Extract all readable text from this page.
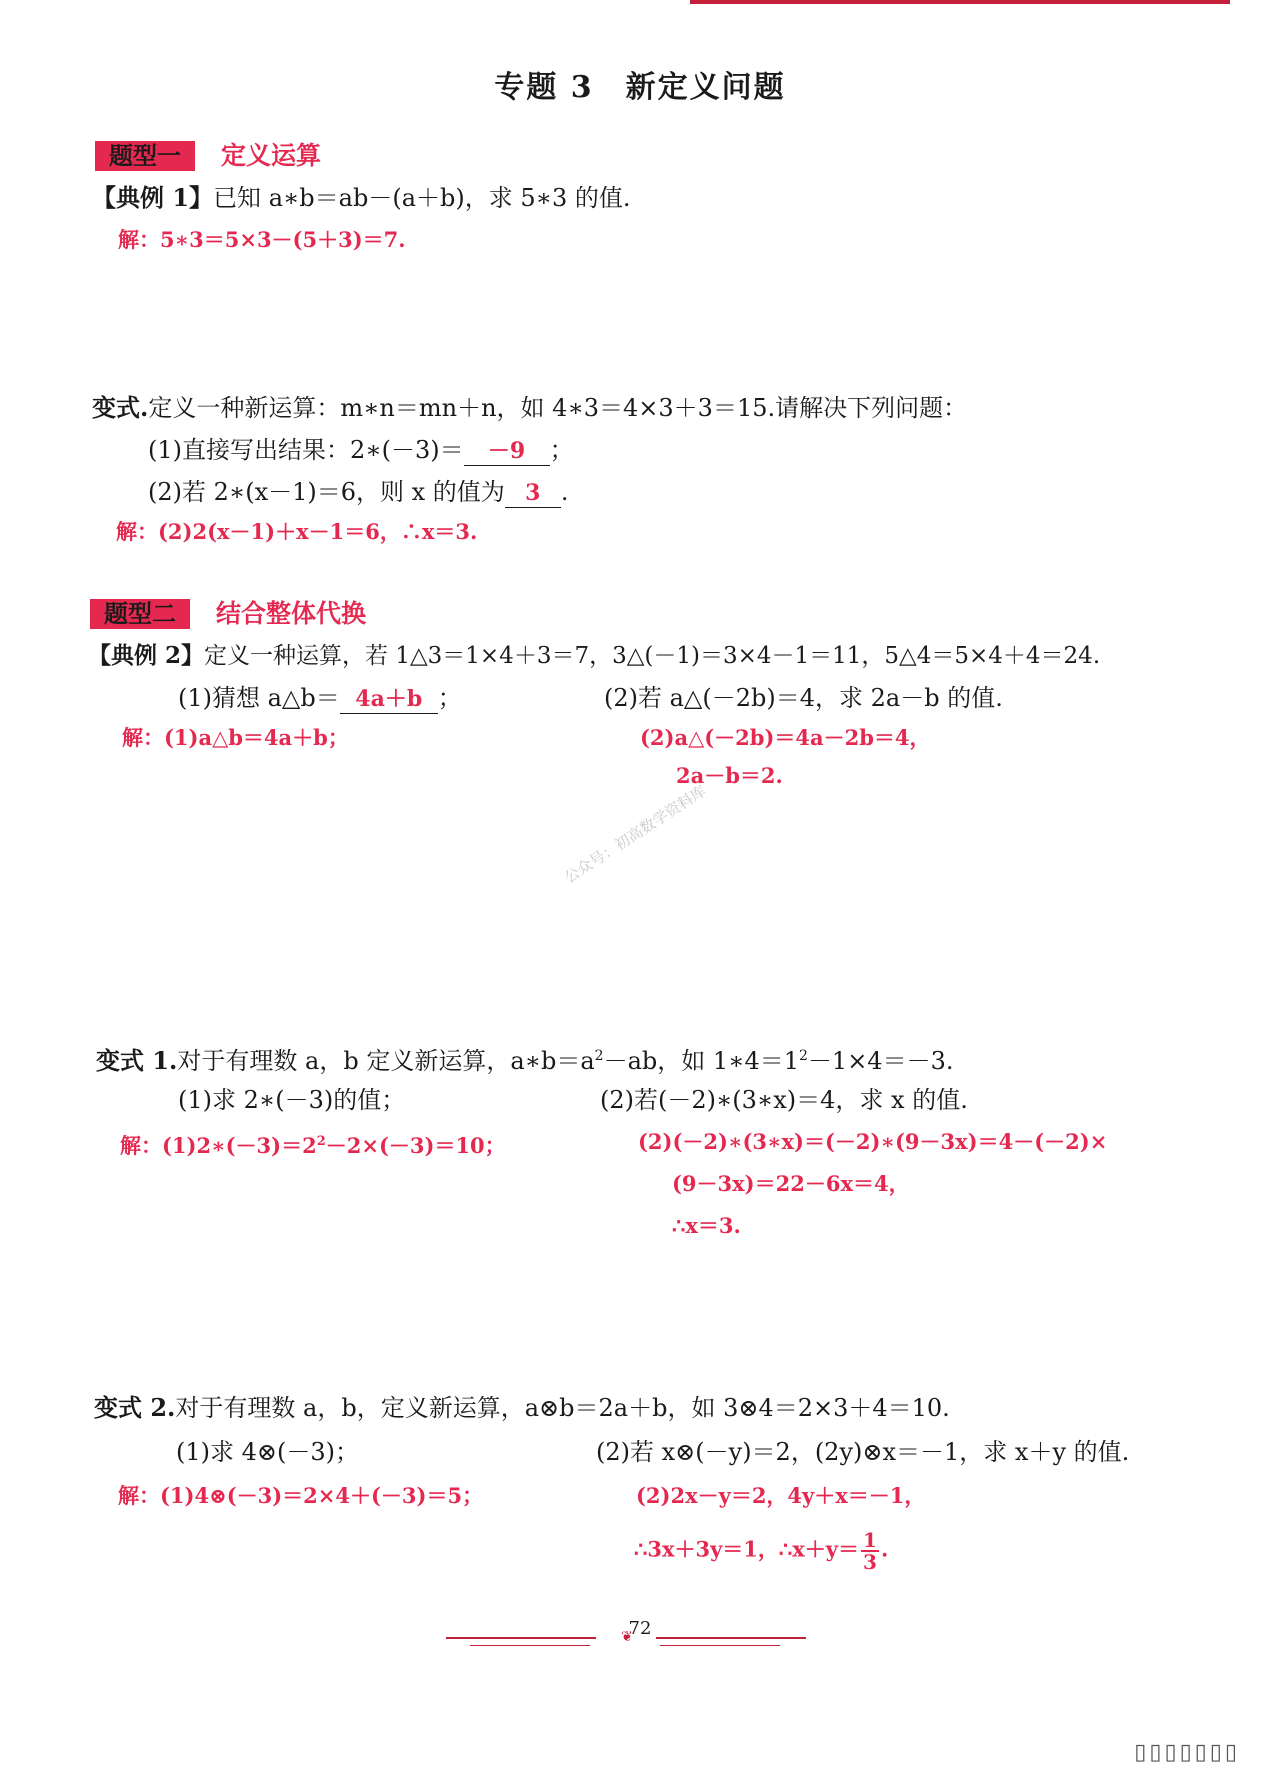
专题 3　新定义问题
题型一 定义运算
【典例 1】已知 a∗b＝ab－(a＋b)，求 5∗3 的值.
解：5∗3＝5×3－(5＋3)＝7.
变式.定义一种新运算：m∗n＝mn＋n，如 4∗3＝4×3＋3＝15.请解决下列问题：
(1)直接写出结果：2∗(－3)＝ －9 ；
(2)若 2∗(x－1)＝6，则 x 的值为 3 .
解：(2)2(x－1)＋x－1＝6，∴x＝3.
题型二 结合整体代换
【典例 2】定义一种运算，若 1△3＝1×4＋3＝7，3△(－1)＝3×4－1＝11，5△4＝5×4＋4＝24.
(1)猜想 a△b＝ 4a＋b ；	(2)若 a△(－2b)＝4，求 2a－b 的值.
解：(1)a△b＝4a＋b；	(2)a△(－2b)＝4a－2b＝4，
2a－b＝2.
公众号：初高数学资料库
变式 1.对于有理数 a，b 定义新运算，$a∗b=a^2-ab$，如 $1∗4=1^2-1\times 4=-3$.
(1)求 2∗(－3)的值；	(2)若(－2)∗(3∗x)＝4，求 x 的值.
解：$(1)2∗(-3)=2^2-2\times(-3)=10$；	(2)(－2)∗(3∗x)＝(－2)∗(9－3x)＝4－(－2)×
(9－3x)＝22－6x＝4，
∴x＝3.
变式 2.对于有理数 a，b，定义新运算，a⊗b＝2a＋b，如 3⊗4＝2×3＋4＝10.
(1)求 4⊗(－3)；	(2)若 x⊗(－y)＝2，(2y)⊗x＝－1，求 x＋y 的值.
解：(1)4⊗(－3)＝2×4＋(－3)＝5；	(2)2x－y＝2，4y＋x＝－1，
∴3x＋3y＝1，∴x＋y＝ $\frac{1}{3}$ .
72
❦
▯▯▯▯▯▯▯
